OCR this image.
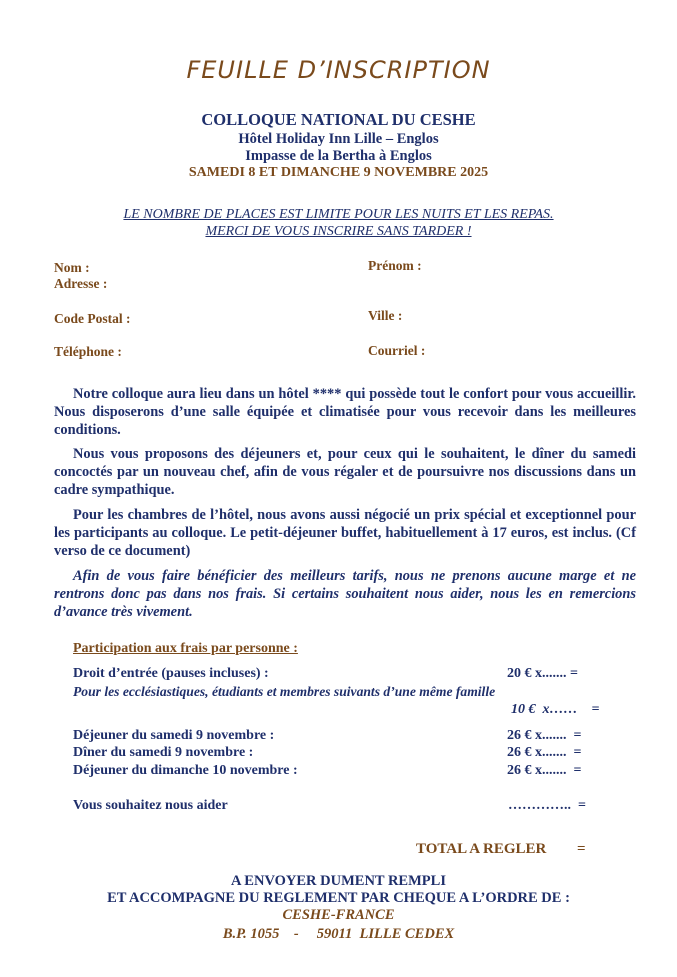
FEUILLE D’INSCRIPTION
COLLOQUE NATIONAL DU CESHE
Hôtel Holiday Inn Lille – Englos
Impasse de la Bertha à Englos
SAMEDI 8 ET DIMANCHE 9 NOVEMBRE 2025
LE NOMBRE DE PLACES EST LIMITE POUR LES NUITS ET LES REPAS.
MERCI DE VOUS INSCRIRE SANS TARDER !
Nom :	Prénom :
Adresse :
Code Postal :	Ville :
Téléphone :	Courriel :
Notre colloque aura lieu dans un hôtel **** qui possède tout le confort pour vous accueillir. Nous disposerons d’une salle équipée et climatisée pour vous recevoir dans les meilleures conditions.
Nous vous proposons des déjeuners et, pour ceux qui le souhaitent, le dîner du samedi concoctés par un nouveau chef, afin de vous régaler et de poursuivre nos discussions dans un cadre sympathique.
Pour les chambres de l’hôtel, nous avons aussi négocié un prix spécial et exceptionnel pour les participants au colloque. Le petit-déjeuner buffet, habituellement à 17 euros, est inclus. (Cf verso de ce document)
Afin de vous faire bénéficier des meilleurs tarifs, nous ne prenons aucune marge et ne rentrons donc pas dans nos frais. Si certains souhaitent nous aider, nous les en remercions d’avance très vivement.
Participation aux frais par personne :
Droit d’entrée (pauses incluses) :	20 € x....... =
Pour les ecclésiastiques, étudiants et membres suivants d’une même famille
10 €  x……    =
Déjeuner du samedi 9 novembre :	26 € x.......  =
Dîner du samedi 9 novembre :	26 € x.......  =
Déjeuner du dimanche 10 novembre :	26 € x.......  =
Vous souhaitez nous aider	…………..  =
TOTAL A REGLER =
A ENVOYER DUMENT REMPLI
ET ACCOMPAGNE DU REGLEMENT PAR CHEQUE A L’ORDRE DE :
CESHE-FRANCE
B.P. 1055    -     59011  LILLE CEDEX
